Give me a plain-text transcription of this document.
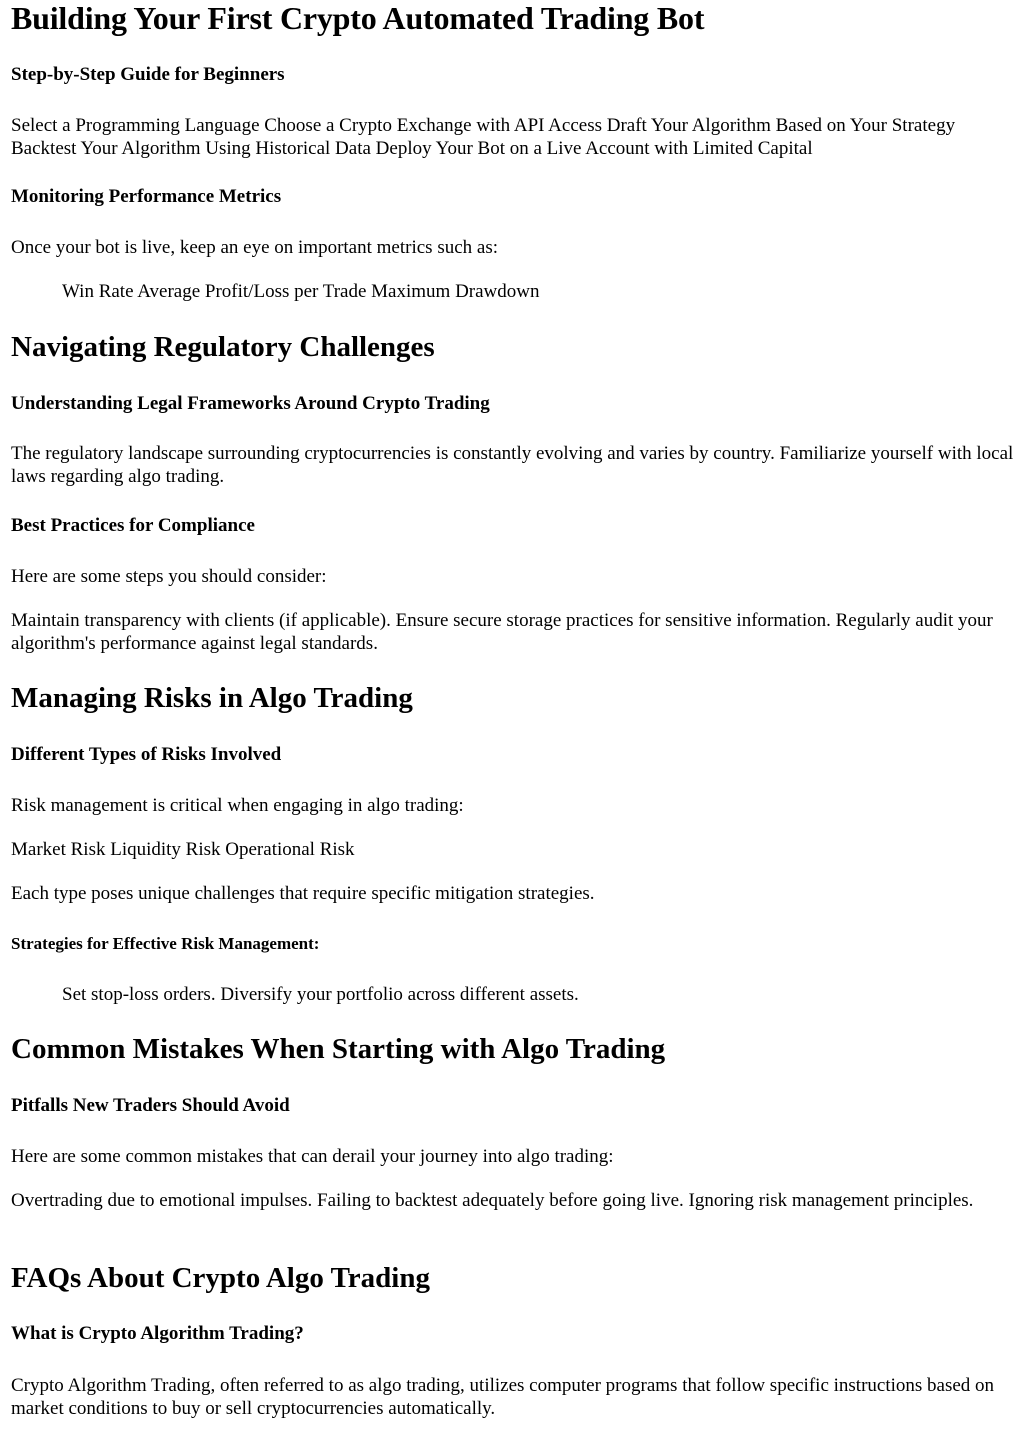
Building Your First Crypto Automated Trading Bot
Step-by-Step Guide for Beginners

Select a Programming Language Choose a Crypto Exchange with API Access Draft Your Algorithm Based on Your Strategy Backtest Your Algorithm Using Historical Data Deploy Your Bot on a Live Account with Limited Capital

Monitoring Performance Metrics

Once your bot is live, keep an eye on important metrics such as:

Win Rate Average Profit/Loss per Trade Maximum Drawdown

Navigating Regulatory Challenges
Understanding Legal Frameworks Around Crypto Trading

The regulatory landscape surrounding cryptocurrencies is constantly evolving and varies by country. Familiarize yourself with local laws regarding algo trading.

Best Practices for Compliance

Here are some steps you should consider:

Maintain transparency with clients (if applicable). Ensure secure storage practices for sensitive information. Regularly audit your algorithm's performance against legal standards.

Managing Risks in Algo Trading
Different Types of Risks Involved

Risk management is critical when engaging in algo trading:

Market Risk Liquidity Risk Operational Risk

Each type poses unique challenges that require specific mitigation strategies.

Strategies for Effective Risk Management:

Set stop-loss orders. Diversify your portfolio across different assets.

Common Mistakes When Starting with Algo Trading
Pitfalls New Traders Should Avoid

Here are some common mistakes that can derail your journey into algo trading:

Overtrading due to emotional impulses. Failing to backtest adequately before going live. Ignoring risk management principles.

FAQs About Crypto Algo Trading
What is Crypto Algorithm Trading?

Crypto Algorithm Trading, often referred to as algo trading, utilizes computer programs that follow specific instructions based on market conditions to buy or sell cryptocurrencies automatically.
